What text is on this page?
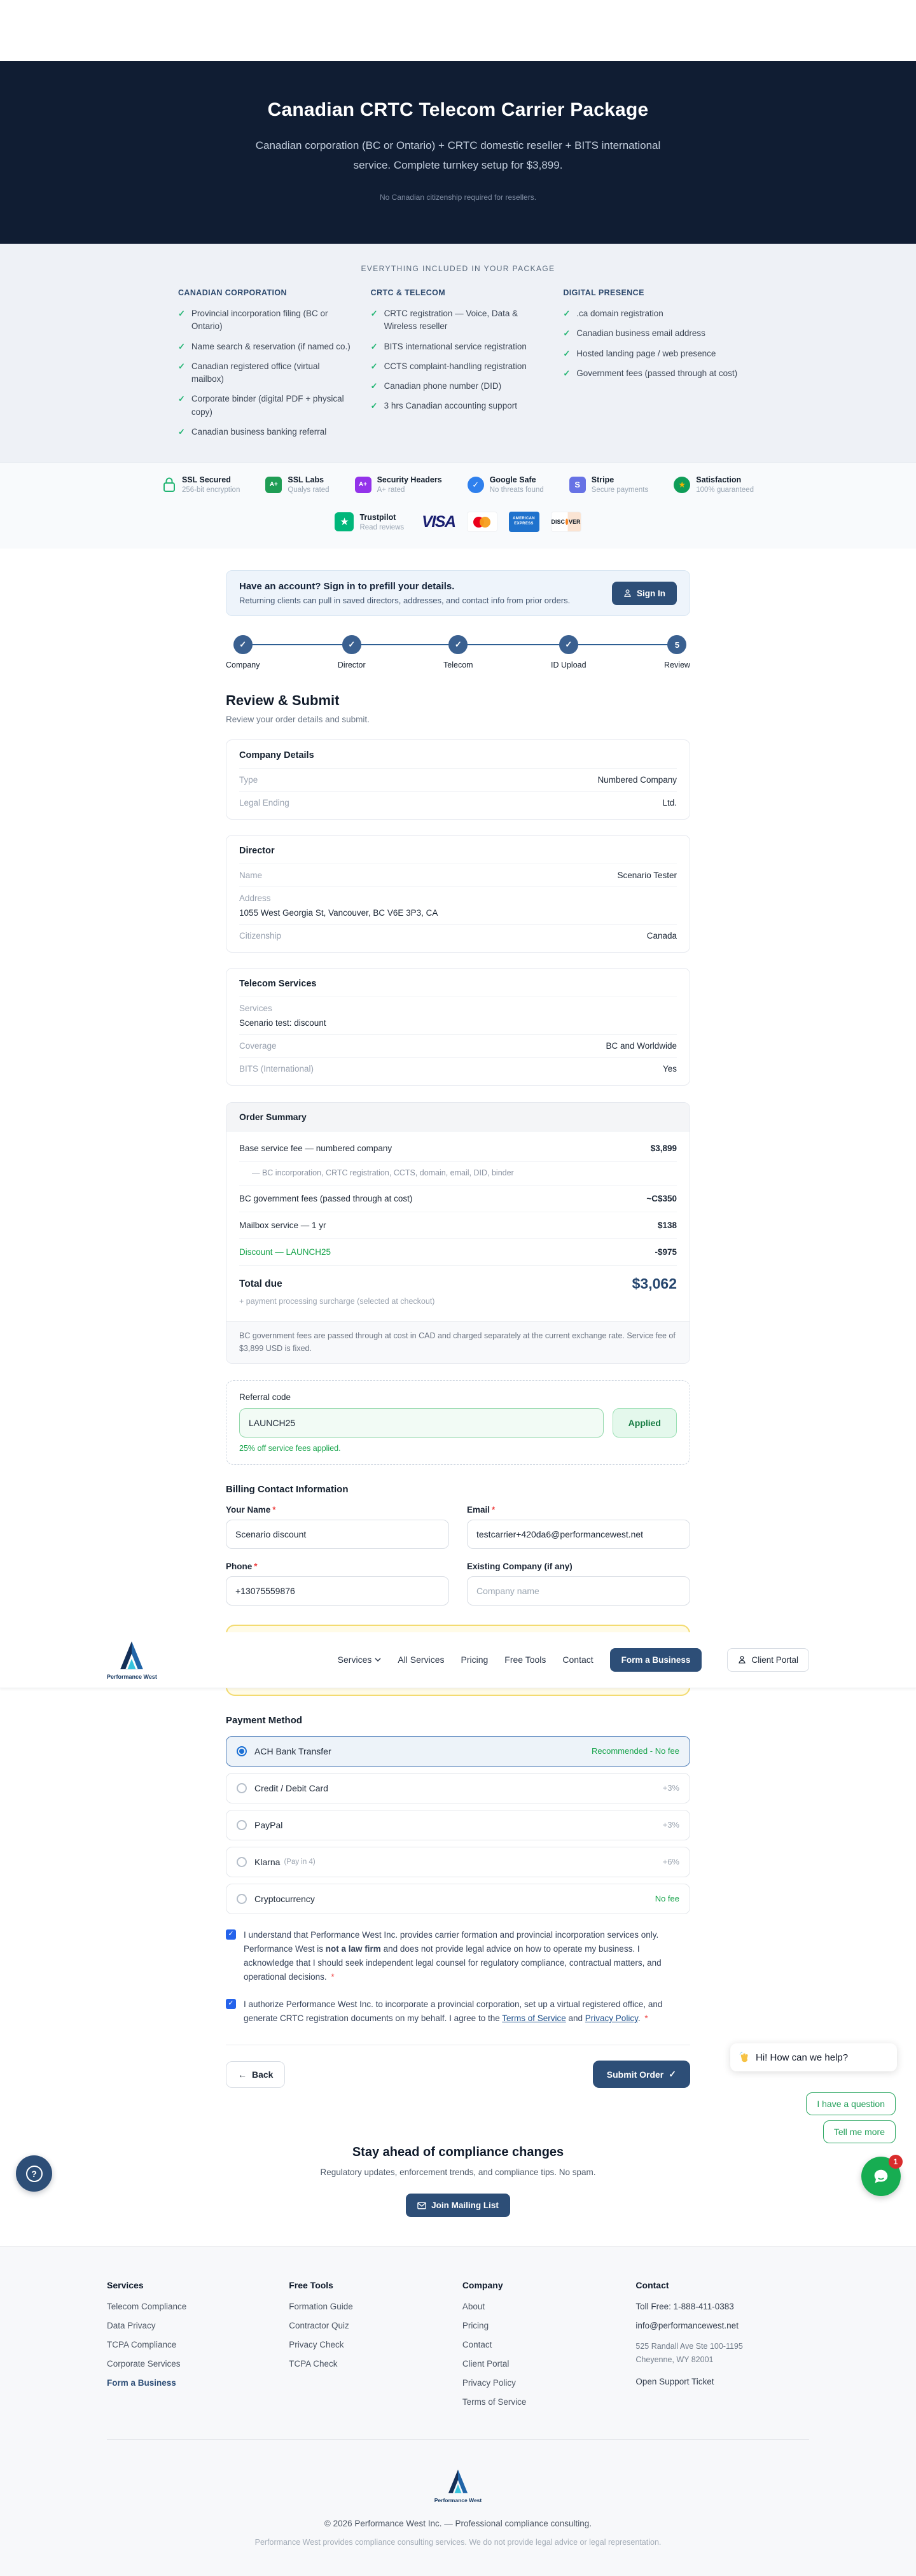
Canadian CRTC Telecom Carrier Package
Canadian corporation (BC or Ontario) + CRTC domestic reseller + BITS international service. Complete turnkey setup for $3,899.
No Canadian citizenship required for resellers.
EVERYTHING INCLUDED IN YOUR PACKAGE
CANADIAN CORPORATION
✓ Provincial incorporation filing (BC or Ontario)
✓ Name search & reservation (if named co.)
✓ Canadian registered office (virtual mailbox)
✓ Corporate binder (digital PDF + physical copy)
✓ Canadian business banking referral
CRTC & TELECOM
✓ CRTC registration — Voice, Data & Wireless reseller
✓ BITS international service registration
✓ CCTS complaint-handling registration
✓ Canadian phone number (DID)
✓ 3 hrs Canadian accounting support
DIGITAL PRESENCE
✓ .ca domain registration
✓ Canadian business email address
✓ Hosted landing page / web presence
✓ Government fees (passed through at cost)
SSL Secured
256-bit encryption
A+
SSL Labs
Qualys rated
A+
Security Headers
A+ rated
✓	Google Safe
No threats found
S	Stripe
Secure payments
★	Satisfaction
100% guaranteed
★	Trustpilot
Read reviews VISA	AMERICAN EXPRESS	DISC VER
Have an account? Sign in to prefill your details.
Returning clients can pull in saved directors, addresses, and contact info from prior orders.
Sign In
✓
Company
✓
Director
✓
Telecom
✓
ID Upload
5
Review
Review & Submit
Review your order details and submit.
Company Details
Type	Numbered Company
Legal Ending	Ltd.
Director
Name	Scenario Tester
Address
1055 West Georgia St, Vancouver, BC V6E 3P3, CA
Citizenship	Canada
Telecom Services
Services
Scenario test: discount
Coverage	BC and Worldwide
BITS (International)	Yes
Order Summary
Base service fee — numbered company	$3,899
— BC incorporation, CRTC registration, CCTS, domain, email, DID, binder
BC government fees (passed through at cost)	~C$350
Mailbox service — 1 yr	$138
Discount — LAUNCH25	-$975
Total due	$3,062
+ payment processing surcharge (selected at checkout)
BC government fees are passed through at cost in CAD and charged separately at the current exchange rate. Service fee of $3,899 USD is fixed.
Referral code
LAUNCH25
Applied
25% off service fees applied.
Billing Contact Information
Your Name *
Scenario discount	Email *
testcarrier+420da6@performancewest.net
Phone *
+13075559876	Existing Company (if any)
Company name
Performance West
Services	All Services Pricing Free Tools Contact	Form a Business	Client Portal
Payment Method
ACH Bank Transfer	Recommended - No fee
Credit / Debit Card	+3%
PayPal	+3%
Klarna (Pay in 4)	+6%
Cryptocurrency	No fee
✓
I understand that Performance West Inc. provides carrier formation and provincial incorporation services only. Performance West is not a law firm and does not provide legal advice on how to operate my business. I acknowledge that I should seek independent legal counsel for regulatory compliance, contractual matters, and operational decisions. *
✓
I authorize Performance West Inc. to incorporate a provincial corporation, set up a virtual registered office, and generate CRTC registration documents on my behalf. I agree to the Terms of Service and Privacy Policy. *
← Back	Submit Order ✓
Stay ahead of compliance changes
Regulatory updates, enforcement trends, and compliance tips. No spam.
Join Mailing List
Hi! How can we help?
I have a question
Tell me more
1
?
Services
Telecom Compliance
Data Privacy
TCPA Compliance
Corporate Services
Form a Business
Free Tools
Formation Guide
Contractor Quiz
Privacy Check
TCPA Check
Company
About
Pricing
Contact
Client Portal
Privacy Policy
Terms of Service
Contact
Toll Free: 1-888-411-0383
info@performancewest.net
525 Randall Ave Ste 100-1195
Cheyenne, WY 82001
Open Support Ticket
Performance West
© 2026 Performance West Inc. — Professional compliance consulting.
Performance West provides compliance consulting services. We do not provide legal advice or legal representation.
